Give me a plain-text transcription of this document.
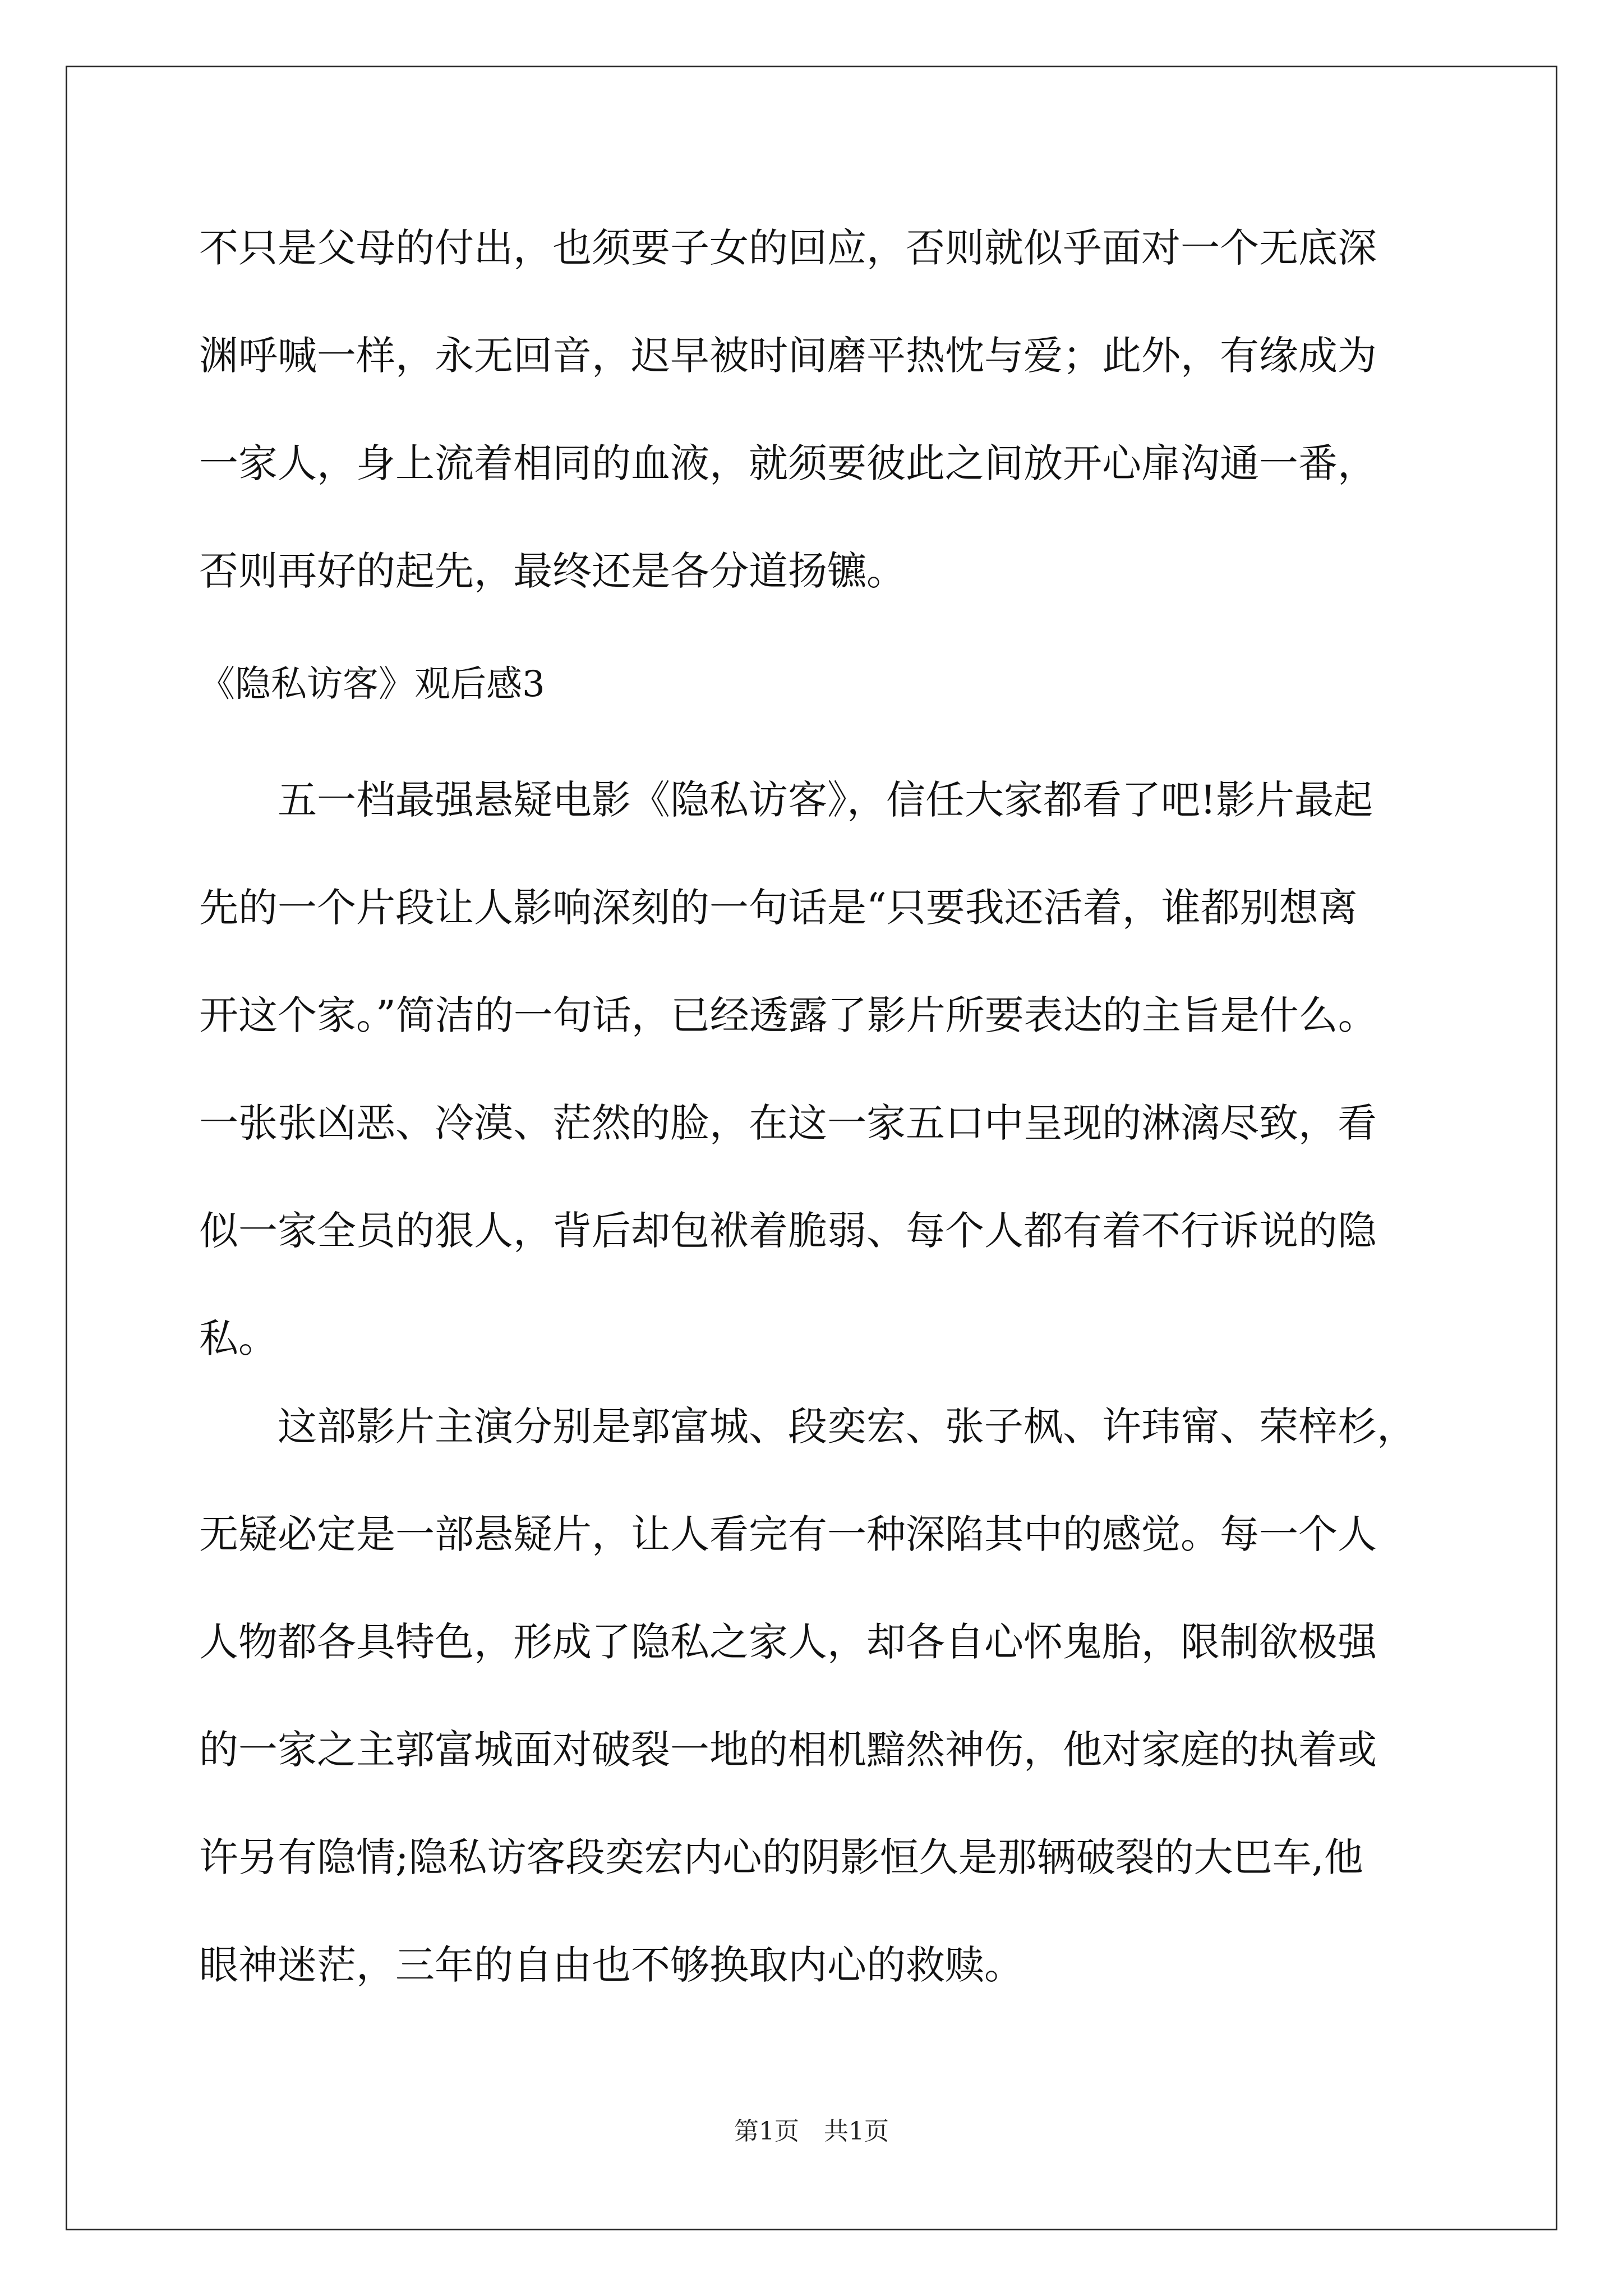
不只是父母的付出，也须要子女的回应，否则就似乎面对一个无底深
渊呼喊一样，永无回音，迟早被时间磨平热忱与爱；此外，有缘成为
一家人，身上流着相同的血液，就须要彼此之间放开心扉沟通一番，
否则再好的起先，最终还是各分道扬镳。
《隐私访客》观后感3
　　五一档最强悬疑电影《隐私访客》，信任大家都看了吧!影片最起
先的一个片段让人影响深刻的一句话是“只要我还活着，谁都别想离
开这个家。”简洁的一句话，已经透露了影片所要表达的主旨是什么。
一张张凶恶、冷漠、茫然的脸，在这一家五口中呈现的淋漓尽致，看
似一家全员的狠人，背后却包袱着脆弱、每个人都有着不行诉说的隐
私。
　　这部影片主演分别是郭富城、段奕宏、张子枫、许玮甯、荣梓杉，
无疑必定是一部悬疑片，让人看完有一种深陷其中的感觉。每一个人
人物都各具特色，形成了隐私之家人，却各自心怀鬼胎，限制欲极强
的一家之主郭富城面对破裂一地的相机黯然神伤，他对家庭的执着或
许另有隐情;隐私访客段奕宏内心的阴影恒久是那辆破裂的大巴车,他
眼神迷茫，三年的自由也不够换取内心的救赎。
第1页　共1页
